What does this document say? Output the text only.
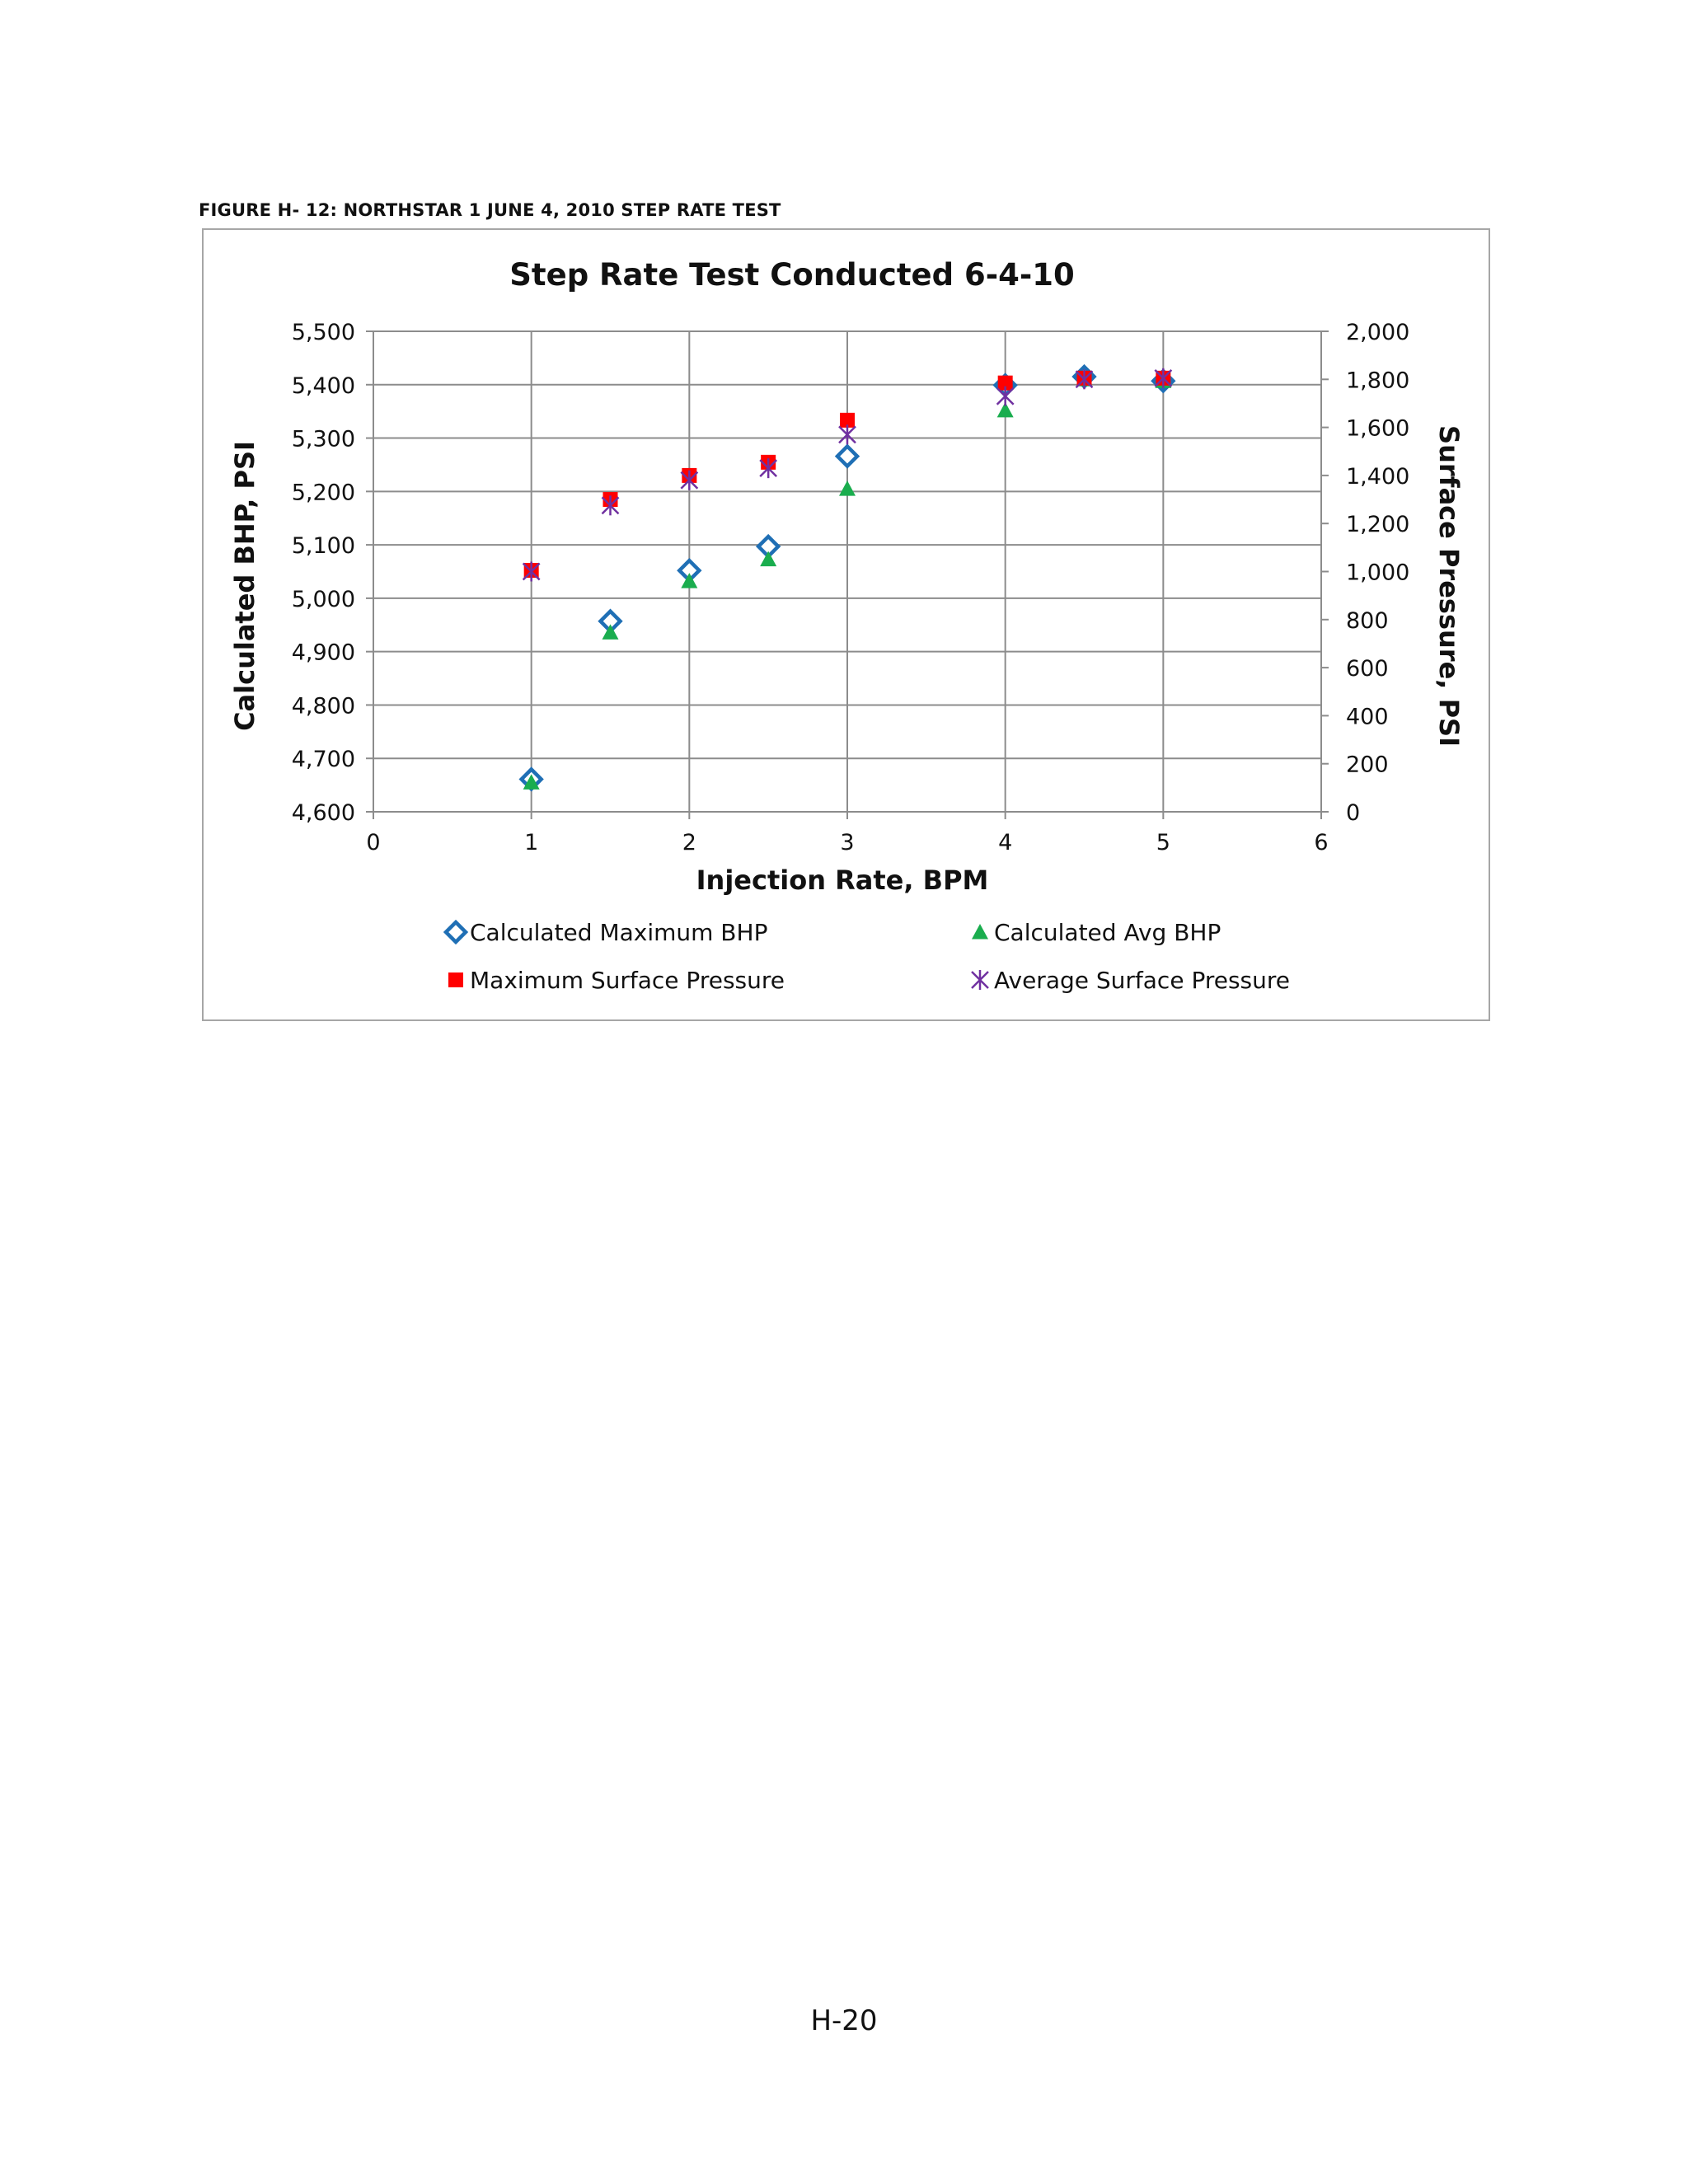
FIGURE H- 12: NORTHSTAR 1 JUNE 4, 2010 STEP RATE TEST
4,600
4,700
4,800
4,900
5,000
5,100
5,200
5,300
5,400
5,500
0	1	2	3	4	5	6
0
200
400
600
800
1,000
1,200
1,400
1,600
1,800
2,000
Step Rate Test Conducted 6-4-10
Injection Rate, BPM
Calculated BHP, PSI	Surface Pressure, PSI
Calculated Maximum BHP	Calculated Avg BHP
Maximum Surface Pressure	Average Surface Pressure
H-20
